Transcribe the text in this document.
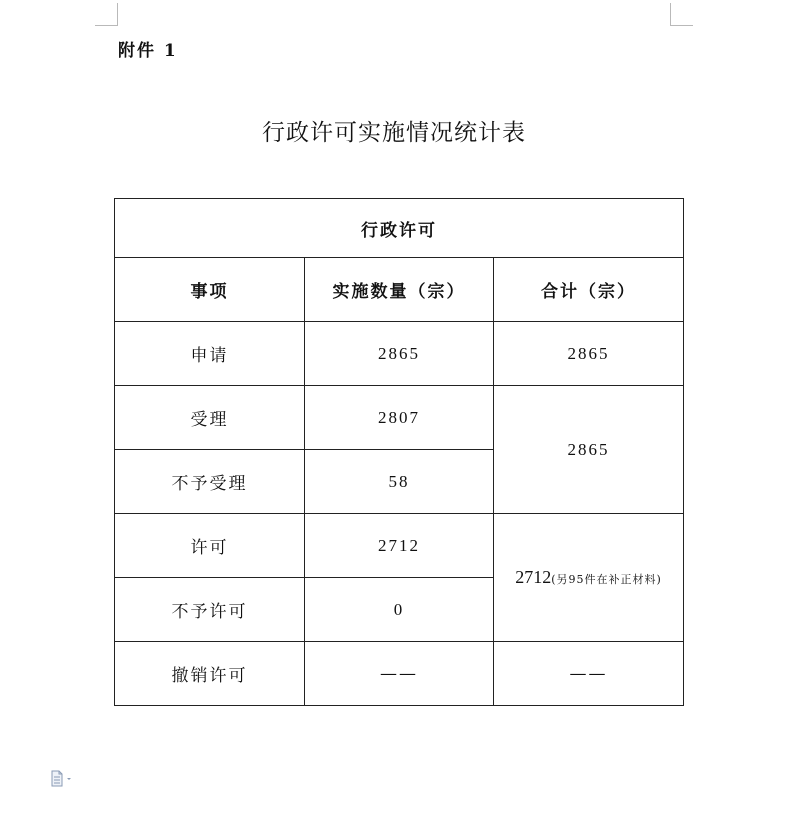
附件 1
行政许可实施情况统计表
行政许可		
事项	实施数量（宗）	合计（宗）
申请	2865	2865
受理	2807	2865
不予受理	58	
许可	2712	2712(另95件在补正材料)
不予许可	0	
撤销许可	——	——
